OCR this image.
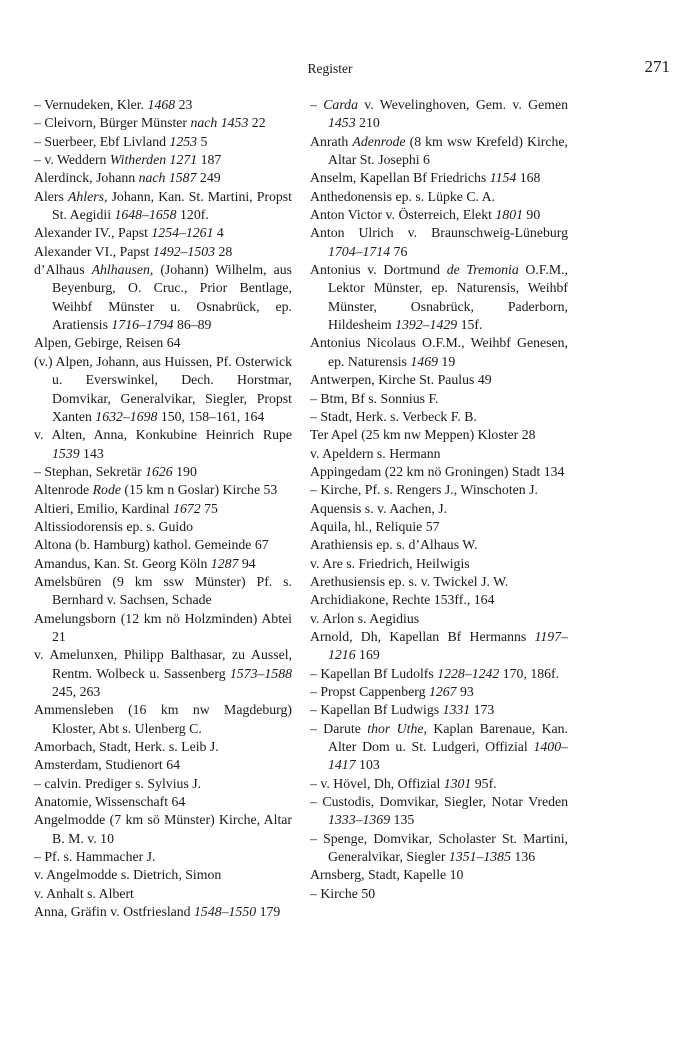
Register	271
– Vernudeken, Kler. 1468 23
– Cleivorn, Bürger Münster nach 1453 22
– Suerbeer, Ebf Livland 1253 5
– v. Weddern Witherden 1271 187
Alerdinck, Johann nach 1587 249
Alers Ahlers, Johann, Kan. St. Martini, Propst St. Aegidii 1648–1658 120f.
Alexander IV., Papst 1254–1261 4
Alexander VI., Papst 1492–1503 28
d’Alhaus Ahlhausen, (Johann) Wilhelm, aus Beyenburg, O. Cruc., Prior Bentlage, Weihbf Münster u. Osnabrück, ep. Aratiensis 1716–1794 86–89
Alpen, Gebirge, Reisen 64
(v.) Alpen, Johann, aus Huissen, Pf. Osterwick u. Everswinkel, Dech. Horstmar, Domvikar, Generalvikar, Siegler, Propst Xanten 1632–1698 150, 158–161, 164
v. Alten, Anna, Konkubine Heinrich Rupe 1539 143
– Stephan, Sekretär 1626 190
Altenrode Rode (15 km n Goslar) Kirche 53
Altieri, Emilio, Kardinal 1672 75
Altissiodorensis ep. s. Guido
Altona (b. Hamburg) kathol. Gemeinde 67
Amandus, Kan. St. Georg Köln 1287 94
Amelsbüren (9 km ssw Münster) Pf. s. Bernhard v. Sachsen, Schade
Amelungsborn (12 km nö Holzminden) Abtei 21
v. Amelunxen, Philipp Balthasar, zu Aussel, Rentm. Wolbeck u. Sassenberg 1573–1588 245, 263
Ammensleben (16 km nw Magdeburg) Kloster, Abt s. Ulenberg C.
Amorbach, Stadt, Herk. s. Leib J.
Amsterdam, Studienort 64
– calvin. Prediger s. Sylvius J.
Anatomie, Wissenschaft 64
Angelmodde (7 km sö Münster) Kirche, Altar B. M. v. 10
– Pf. s. Hammacher J.
v. Angelmodde s. Dietrich, Simon
v. Anhalt s. Albert
Anna, Gräfin v. Ostfriesland 1548–1550 179
– Carda v. Wevelinghoven, Gem. v. Gemen 1453 210
Anrath Adenrode (8 km wsw Krefeld) Kirche, Altar St. Josephi 6
Anselm, Kapellan Bf Friedrichs 1154 168
Anthedonensis ep. s. Lüpke C. A.
Anton Victor v. Österreich, Elekt 1801 90
Anton Ulrich v. Braunschweig-Lüneburg 1704–1714 76
Antonius v. Dortmund de Tremonia O.F.M., Lektor Münster, ep. Naturensis, Weihbf Münster, Osnabrück, Paderborn, Hildesheim 1392–1429 15f.
Antonius Nicolaus O.F.M., Weihbf Genesen, ep. Naturensis 1469 19
Antwerpen, Kirche St. Paulus 49
– Btm, Bf s. Sonnius F.
– Stadt, Herk. s. Verbeck F. B.
Ter Apel (25 km nw Meppen) Kloster 28
v. Apeldern s. Hermann
Appingedam (22 km nö Groningen) Stadt 134
– Kirche, Pf. s. Rengers J., Winschoten J.
Aquensis s. v. Aachen, J.
Aquila, hl., Reliquie 57
Arathiensis ep. s. d’Alhaus W.
v. Are s. Friedrich, Heilwigis
Arethusiensis ep. s. v. Twickel J. W.
Archidiakone, Rechte 153ff., 164
v. Arlon s. Aegidius
Arnold, Dh, Kapellan Bf Hermanns 1197–1216 169
– Kapellan Bf Ludolfs 1228–1242 170, 186f.
– Propst Cappenberg 1267 93
– Kapellan Bf Ludwigs 1331 173
– Darute thor Uthe, Kaplan Barenaue, Kan. Alter Dom u. St. Ludgeri, Offizial 1400–1417 103
– v. Hövel, Dh, Offizial 1301 95f.
– Custodis, Domvikar, Siegler, Notar Vreden 1333–1369 135
– Spenge, Domvikar, Scholaster St. Martini, Generalvikar, Siegler 1351–1385 136
Arnsberg, Stadt, Kapelle 10
– Kirche 50
